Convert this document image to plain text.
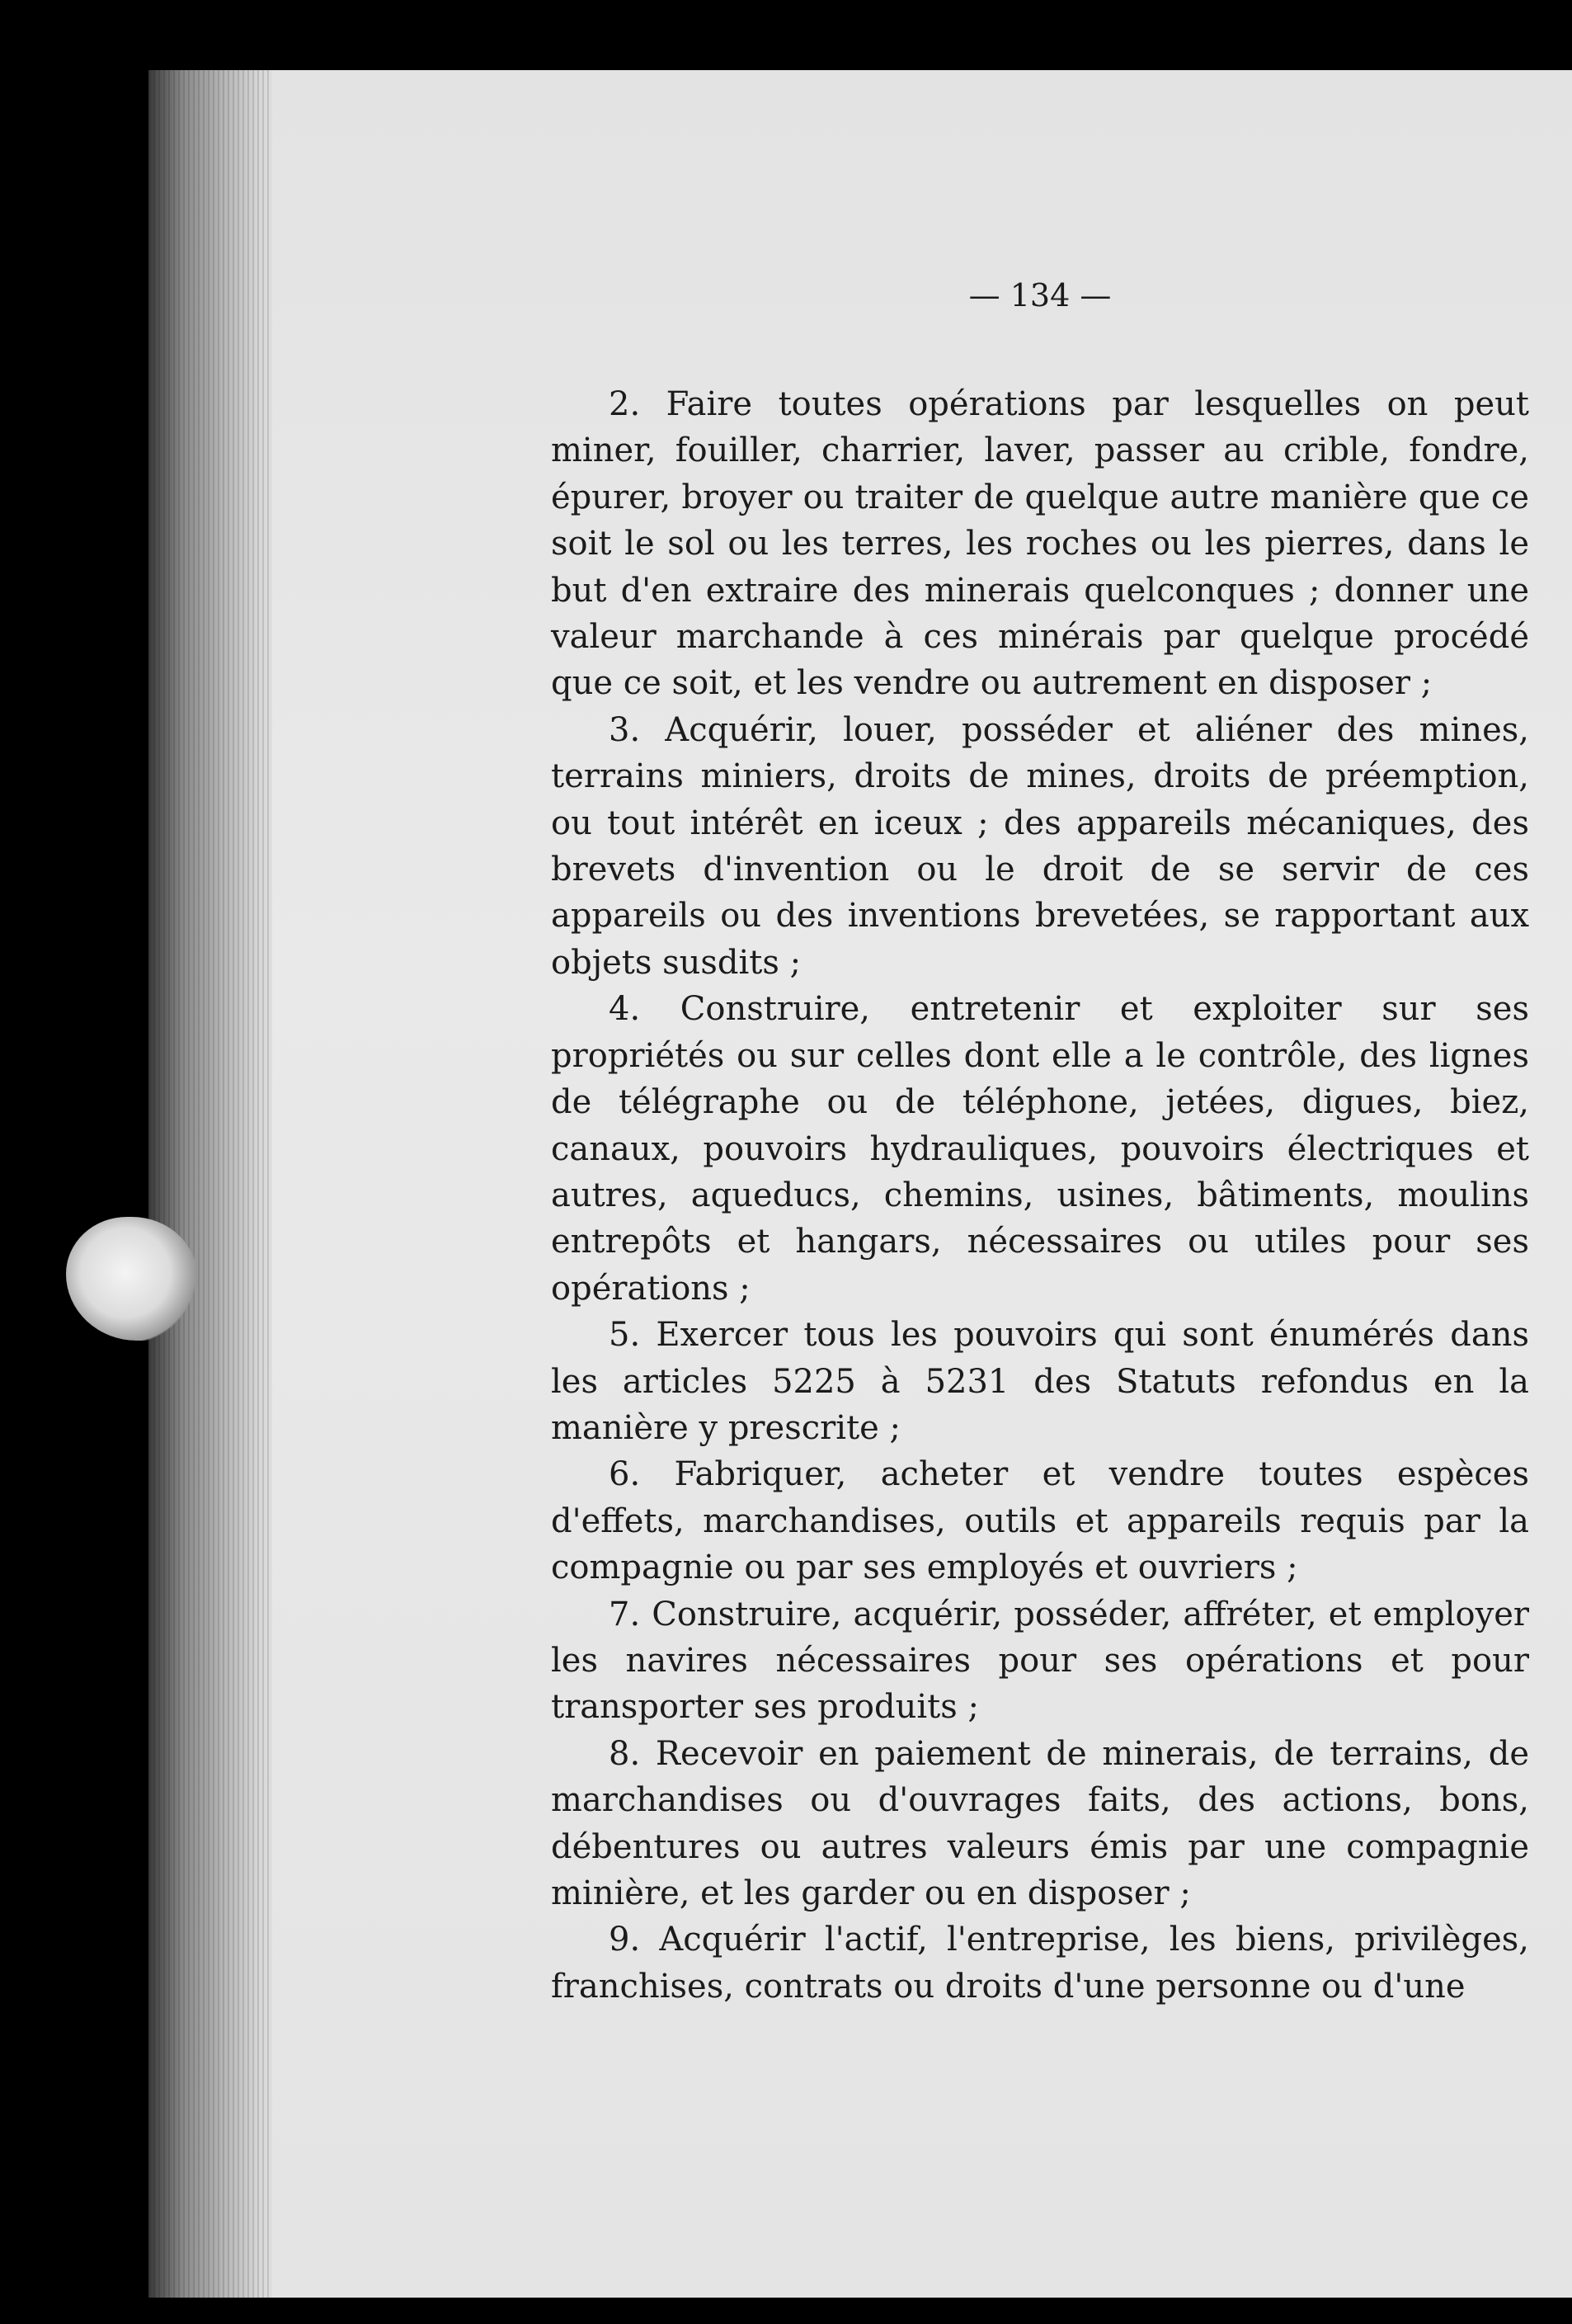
— 134 —

2. Faire toutes opérations par lesquelles on peut miner, fouiller, charrier, laver, passer au crible, fondre, épurer, broyer ou traiter de quelque autre manière que ce soit le sol ou les terres, les roches ou les pierres, dans le but d'en extraire des minerais quelconques ; donner une valeur marchande à ces minérais par quelque procédé que ce soit, et les vendre ou autrement en disposer ;

3. Acquérir, louer, posséder et aliéner des mines, terrains miniers, droits de mines, droits de préemption, ou tout intérêt en iceux ; des appareils mécaniques, des brevets d'invention ou le droit de se servir de ces appareils ou des inventions brevetées, se rapportant aux objets susdits ;

4. Construire, entretenir et exploiter sur ses propriétés ou sur celles dont elle a le contrôle, des lignes de télégraphe ou de téléphone, jetées, digues, biez, canaux, pouvoirs hydrauliques, pouvoirs électriques et autres, aqueducs, chemins, usines, bâtiments, moulins entrepôts et hangars, nécessaires ou utiles pour ses opérations ;

5. Exercer tous les pouvoirs qui sont énumérés dans les articles 5225 à 5231 des Statuts refondus en la manière y prescrite ;

6. Fabriquer, acheter et vendre toutes espèces d'effets, marchandises, outils et appareils requis par la compagnie ou par ses employés et ouvriers ;

7. Construire, acquérir, posséder, affréter, et employer les navires nécessaires pour ses opérations et pour transporter ses produits ;

8. Recevoir en paiement de minerais, de terrains, de marchandises ou d'ouvrages faits, des actions, bons, débentures ou autres valeurs émis par une compagnie minière, et les garder ou en disposer ;

9. Acquérir l'actif, l'entreprise, les biens, privilèges, franchises, contrats ou droits d'une personne ou d'une
